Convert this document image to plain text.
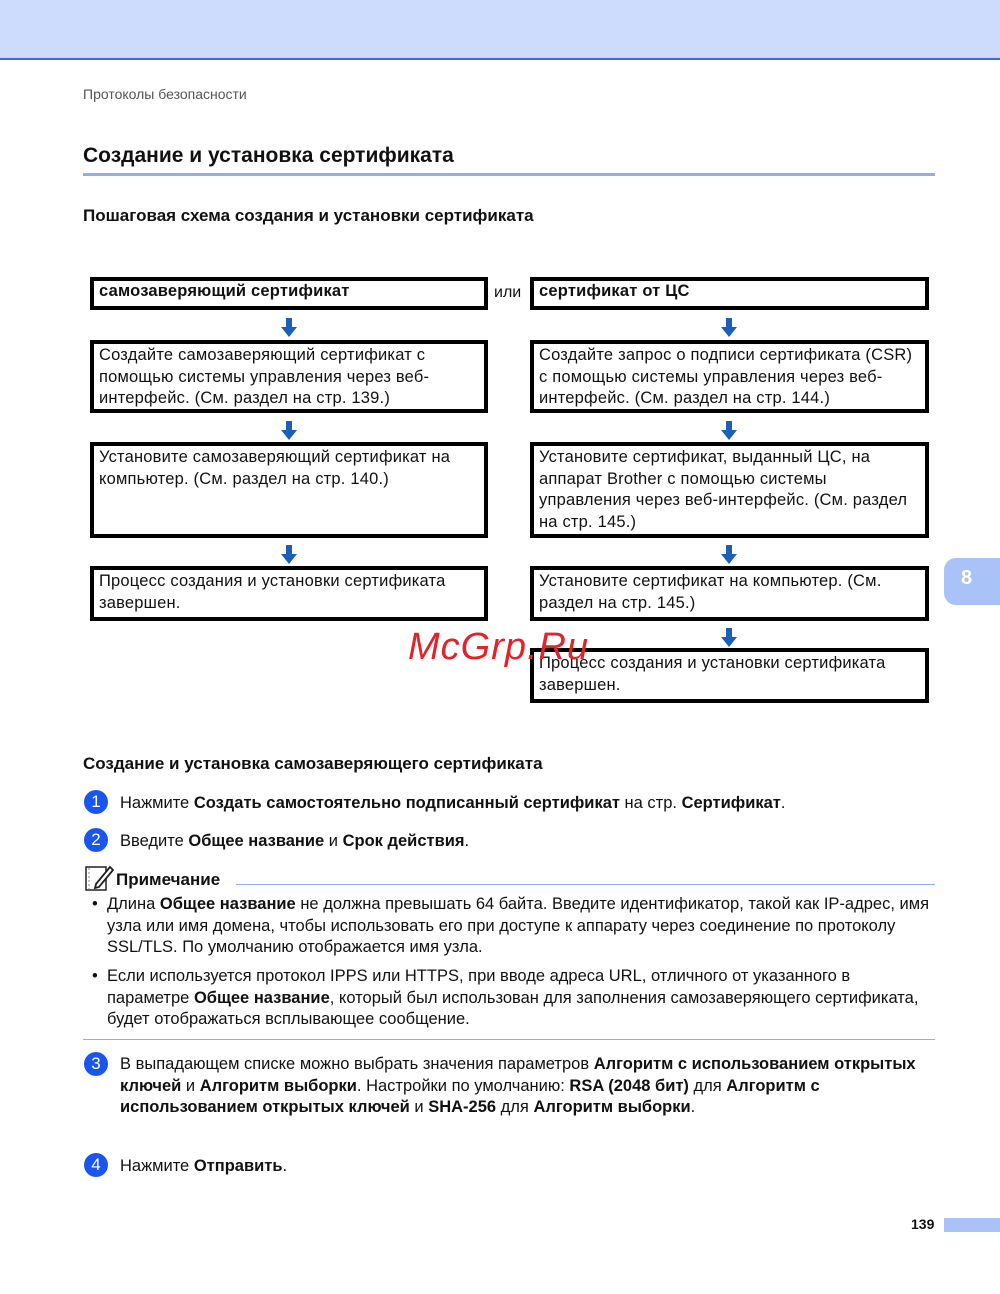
Протоколы безопасности
Создание и установка сертификата
Пошаговая схема создания и установки сертификата
самозаверяющий сертификат
Создайте самозаверяющий сертификат с помощью системы управления через веб-интерфейс. (См. раздел на стр. 139.)
Установите самозаверяющий сертификат на компьютер. (См. раздел на стр. 140.)
Процесс создания и установки сертификата завершен.
или	сертификат от ЦС
Создайте запрос о подписи сертификата (CSR) с помощью системы управления через веб-интерфейс. (См. раздел на стр. 144.)
Установите сертификат, выданный ЦС, на аппарат Brother с помощью системы управления через веб-интерфейс. (См. раздел на стр. 145.)
Установите сертификат на компьютер. (См. раздел на стр. 145.)
Процесс создания и установки сертификата завершен.
McGrp.Ru
8
Создание и установка самозаверяющего сертификата
1	Нажмите Создать самостоятельно подписанный сертификат на стр. Сертификат.
2	Введите Общее название и Срок действия.
Примечание
• Длина Общее название не должна превышать 64 байта. Введите идентификатор, такой как IP-адрес, имя узла или имя домена, чтобы использовать его при доступе к аппарату через соединение по протоколу SSL/TLS. По умолчанию отображается имя узла.
• Если используется протокол IPPS или HTTPS, при вводе адреса URL, отличного от указанного в параметре Общее название, который был использован для заполнения самозаверяющего сертификата, будет отображаться всплывающее сообщение.
3	В выпадающем списке можно выбрать значения параметров Алгоритм с использованием открытых ключей и Алгоритм выборки. Настройки по умолчанию: RSA (2048 бит) для Алгоритм с использованием открытых ключей и SHA-256 для Алгоритм выборки.
4	Нажмите Отправить.
139
